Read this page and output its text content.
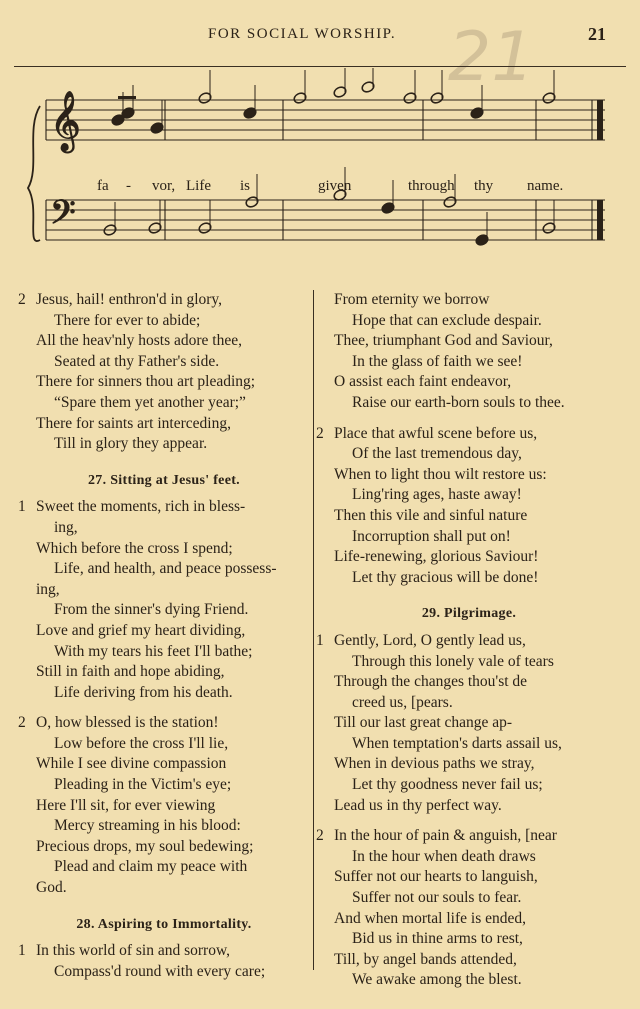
FOR SOCIAL WORSHIP. 21	21
𝄞
𝄢
fa - vor, Life is	given	through thy name.
2 Jesus, hail! enthron'd in glory,
There for ever to abide;
All the heav'nly hosts adore thee,
Seated at thy Father's side.
There for sinners thou art pleading;
“Spare them yet another year;”
There for saints art interceding,
Till in glory they appear.
27. Sitting at Jesus' feet.
1 Sweet the moments, rich in bless-
ing,
Which before the cross I spend;
Life, and health, and peace possess-
ing,
From the sinner's dying Friend.
Love and grief my heart dividing,
With my tears his feet I'll bathe;
Still in faith and hope abiding,
Life deriving from his death.
2 O, how blessed is the station!
Low before the cross I'll lie,
While I see divine compassion
Pleading in the Victim's eye;
Here I'll sit, for ever viewing
Mercy streaming in his blood:
Precious drops, my soul bedewing;
Plead and claim my peace with
God.
28. Aspiring to Immortality.
1 In this world of sin and sorrow,
Compass'd round with every care;
From eternity we borrow
Hope that can exclude despair.
Thee, triumphant God and Saviour,
In the glass of faith we see!
O assist each faint endeavor,
Raise our earth-born souls to thee.
2 Place that awful scene before us,
Of the last tremendous day,
When to light thou wilt restore us:
Ling'ring ages, haste away!
Then this vile and sinful nature
Incorruption shall put on!
Life-renewing, glorious Saviour!
Let thy gracious will be done!
29. Pilgrimage.
1 Gently, Lord, O gently lead us,
Through this lonely vale of tears
Through the changes thou'st de
creed us, [pears.
Till our last great change ap-
When temptation's darts assail us,
When in devious paths we stray,
Let thy goodness never fail us;
Lead us in thy perfect way.
2 In the hour of pain & anguish, [near
In the hour when death draws
Suffer not our hearts to languish,
Suffer not our souls to fear.
And when mortal life is ended,
Bid us in thine arms to rest,
Till, by angel bands attended,
We awake among the blest.
